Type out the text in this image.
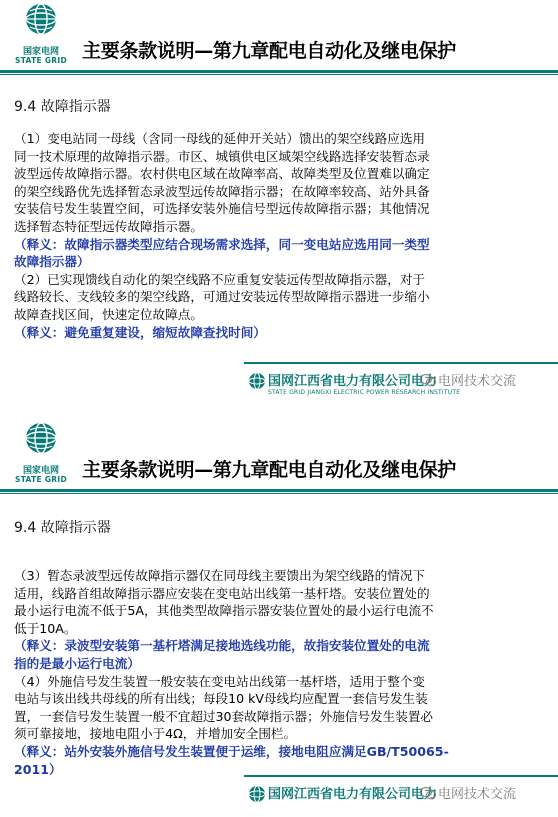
国家电网
STATE GRID 主要条款说明—第九章配电自动化及继电保护
9.4 故障指示器
（1）变电站同一母线（含同一母线的延伸开关站）馈出的架空线路应选用
同一技术原理的故障指示器。市区、城镇供电区域架空线路选择安装暂态录
波型远传故障指示器。农村供电区域在故障率高、故障类型及位置难以确定
的架空线路优先选择暂态录波型远传故障指示器；在故障率较高、站外具备
安装信号发生装置空间，可选择安装外施信号型远传故障指示器；其他情况
选择暂态特征型远传故障指示器。
（释义：故障指示器类型应结合现场需求选择，同一变电站应选用同一类型
故障指示器）
（2）已实现馈线自动化的架空线路不应重复安装远传型故障指示器，对于
线路较长、支线较多的架空线路，可通过安装远传型故障指示器进一步缩小
故障查找区间，快速定位故障点。
（释义：避免重复建设，缩短故障查找时间）
国网江西省电力有限公司电力
STATE GRID JIANGXI ELECTRIC POWER RESEARCH INSTITUTE
电网技术交流
国家电网
STATE GRID 主要条款说明—第九章配电自动化及继电保护
9.4 故障指示器
（3）暂态录波型远传故障指示器仅在同母线主要馈出为架空线路的情况下
适用，线路首组故障指示器应安装在变电站出线第一基杆塔。安装位置处的
最小运行电流不低于5A，其他类型故障指示器安装位置处的最小运行电流不
低于10A。
（释义：录波型安装第一基杆塔满足接地选线功能，故指安装位置处的电流
指的是最小运行电流）
（4）外施信号发生装置一般安装在变电站出线第一基杆塔，适用于整个变
电站与该出线共母线的所有出线；每段10 kV母线均应配置一套信号发生装
置，一套信号发生装置一般不宜超过30套故障指示器；外施信号发生装置必
须可靠接地，接地电阻小于4Ω，并增加安全围栏。
（释义：站外安装外施信号发生装置便于运维，接地电阻应满足GB/T50065-
2011）
国网江西省电力有限公司电力 电网技术交流
